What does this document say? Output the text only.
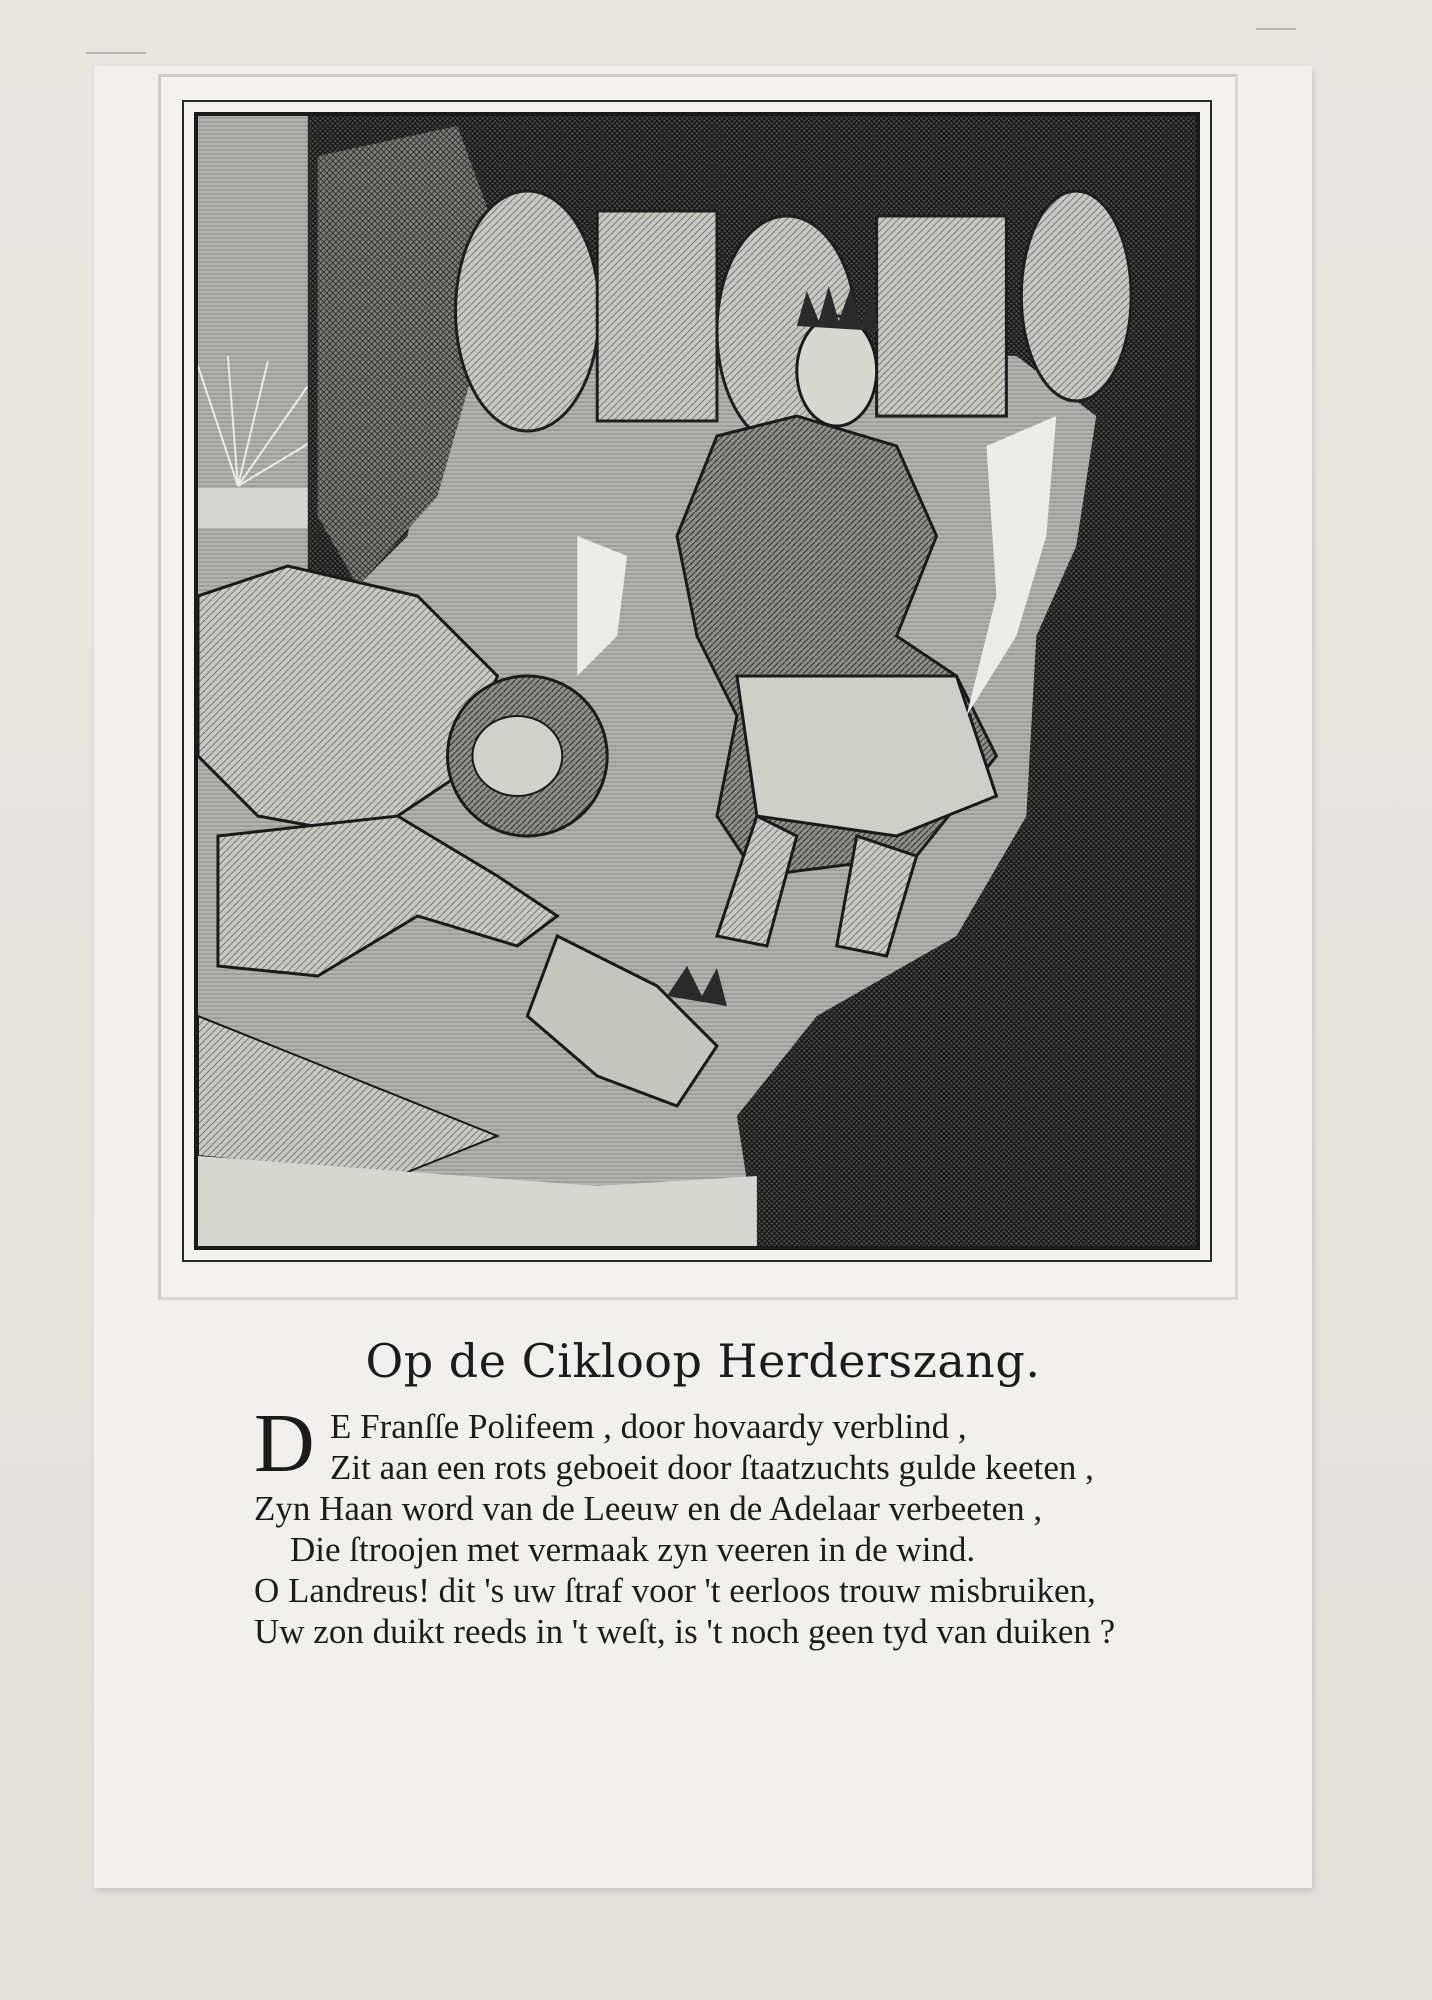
Op de Cikloop Herderszang.
D E Franſſe Polifeem , door hovaardy verblind ,
Zit aan een rots geboeit door ſtaatzuchts gulde keeten ,
Zyn Haan word van de Leeuw en de Adelaar verbeeten ,
Die ſtroojen met vermaak zyn veeren in de wind.
O Landreus! dit 's uw ſtraf voor 't eerloos trouw misbruiken,
Uw zon duikt reeds in 't weſt, is 't noch geen tyd van duiken ?
